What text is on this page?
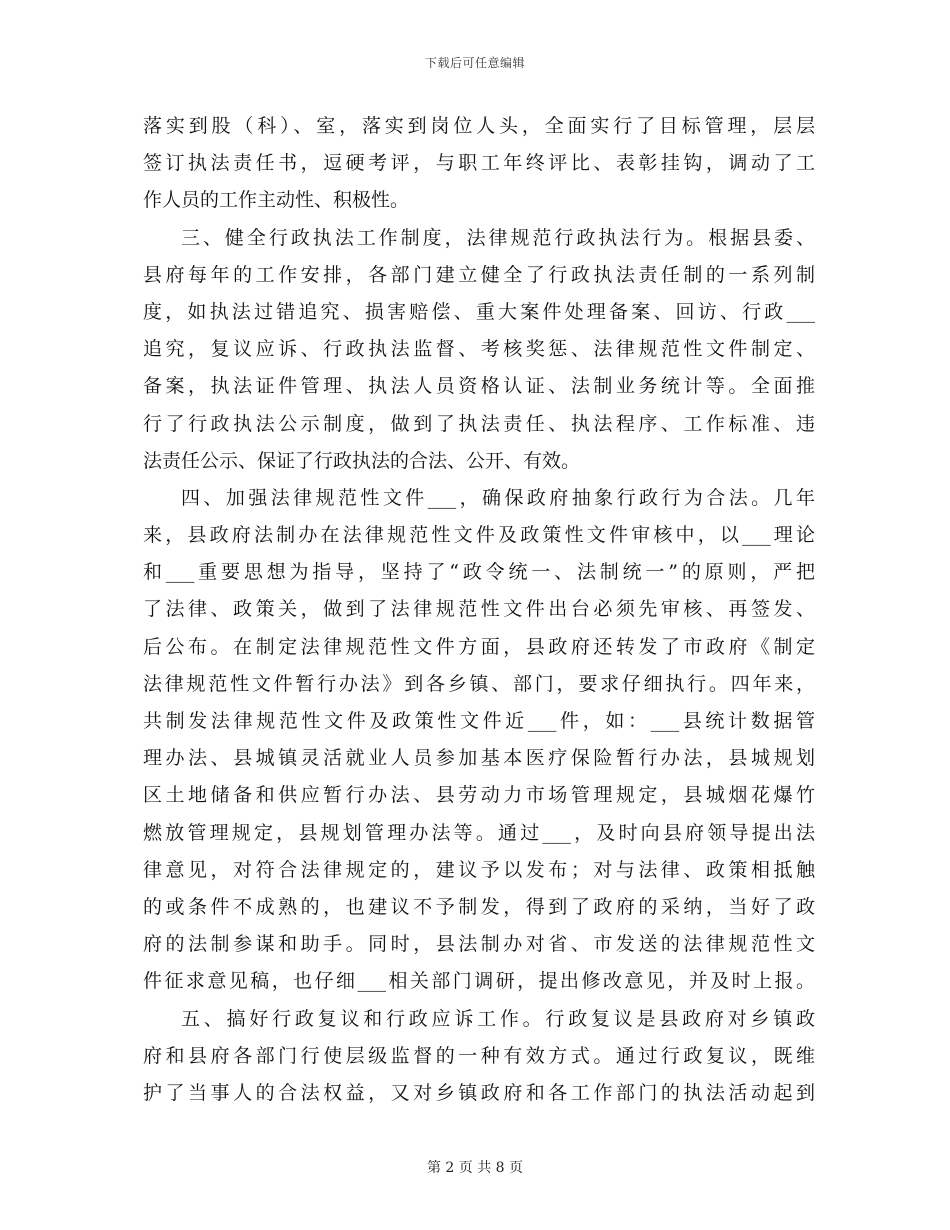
下载后可任意编辑
落实到股（科）、室，落实到岗位人头，全面实行了目标管理，层层
签订执法责任书，逗硬考评，与职工年终评比、表彰挂钩，调动了工
作人员的工作主动性、积极性。
三、健全行政执法工作制度，法律规范行政执法行为。根据县委、
县府每年的工作安排，各部门建立健全了行政执法责任制的一系列制
度，如执法过错追究、损害赔偿、重大案件处理备案、回访、行政___
追究，复议应诉、行政执法监督、考核奖惩、法律规范性文件制定、
备案，执法证件管理、执法人员资格认证、法制业务统计等。全面推
行了行政执法公示制度，做到了执法责任、执法程序、工作标准、违
法责任公示、保证了行政执法的合法、公开、有效。
四、加强法律规范性文件___，确保政府抽象行政行为合法。几年
来，县政府法制办在法律规范性文件及政策性文件审核中，以___理论
和___重要思想为指导，坚持了“政令统一、法制统一”的原则，严把
了法律、政策关，做到了法律规范性文件出台必须先审核、再签发、
后公布。在制定法律规范性文件方面，县政府还转发了市政府《制定
法律规范性文件暂行办法》到各乡镇、部门，要求仔细执行。四年来，
共制发法律规范性文件及政策性文件近___件，如：___县统计数据管
理办法、县城镇灵活就业人员参加基本医疗保险暂行办法，县城规划
区土地储备和供应暂行办法、县劳动力市场管理规定，县城烟花爆竹
燃放管理规定，县规划管理办法等。通过___，及时向县府领导提出法
律意见，对符合法律规定的，建议予以发布；对与法律、政策相抵触
的或条件不成熟的，也建议不予制发，得到了政府的采纳，当好了政
府的法制参谋和助手。同时，县法制办对省、市发送的法律规范性文
件征求意见稿，也仔细___相关部门调研，提出修改意见，并及时上报。
五、搞好行政复议和行政应诉工作。行政复议是县政府对乡镇政
府和县府各部门行使层级监督的一种有效方式。通过行政复议，既维
护了当事人的合法权益，又对乡镇政府和各工作部门的执法活动起到
第 2 页 共 8 页
